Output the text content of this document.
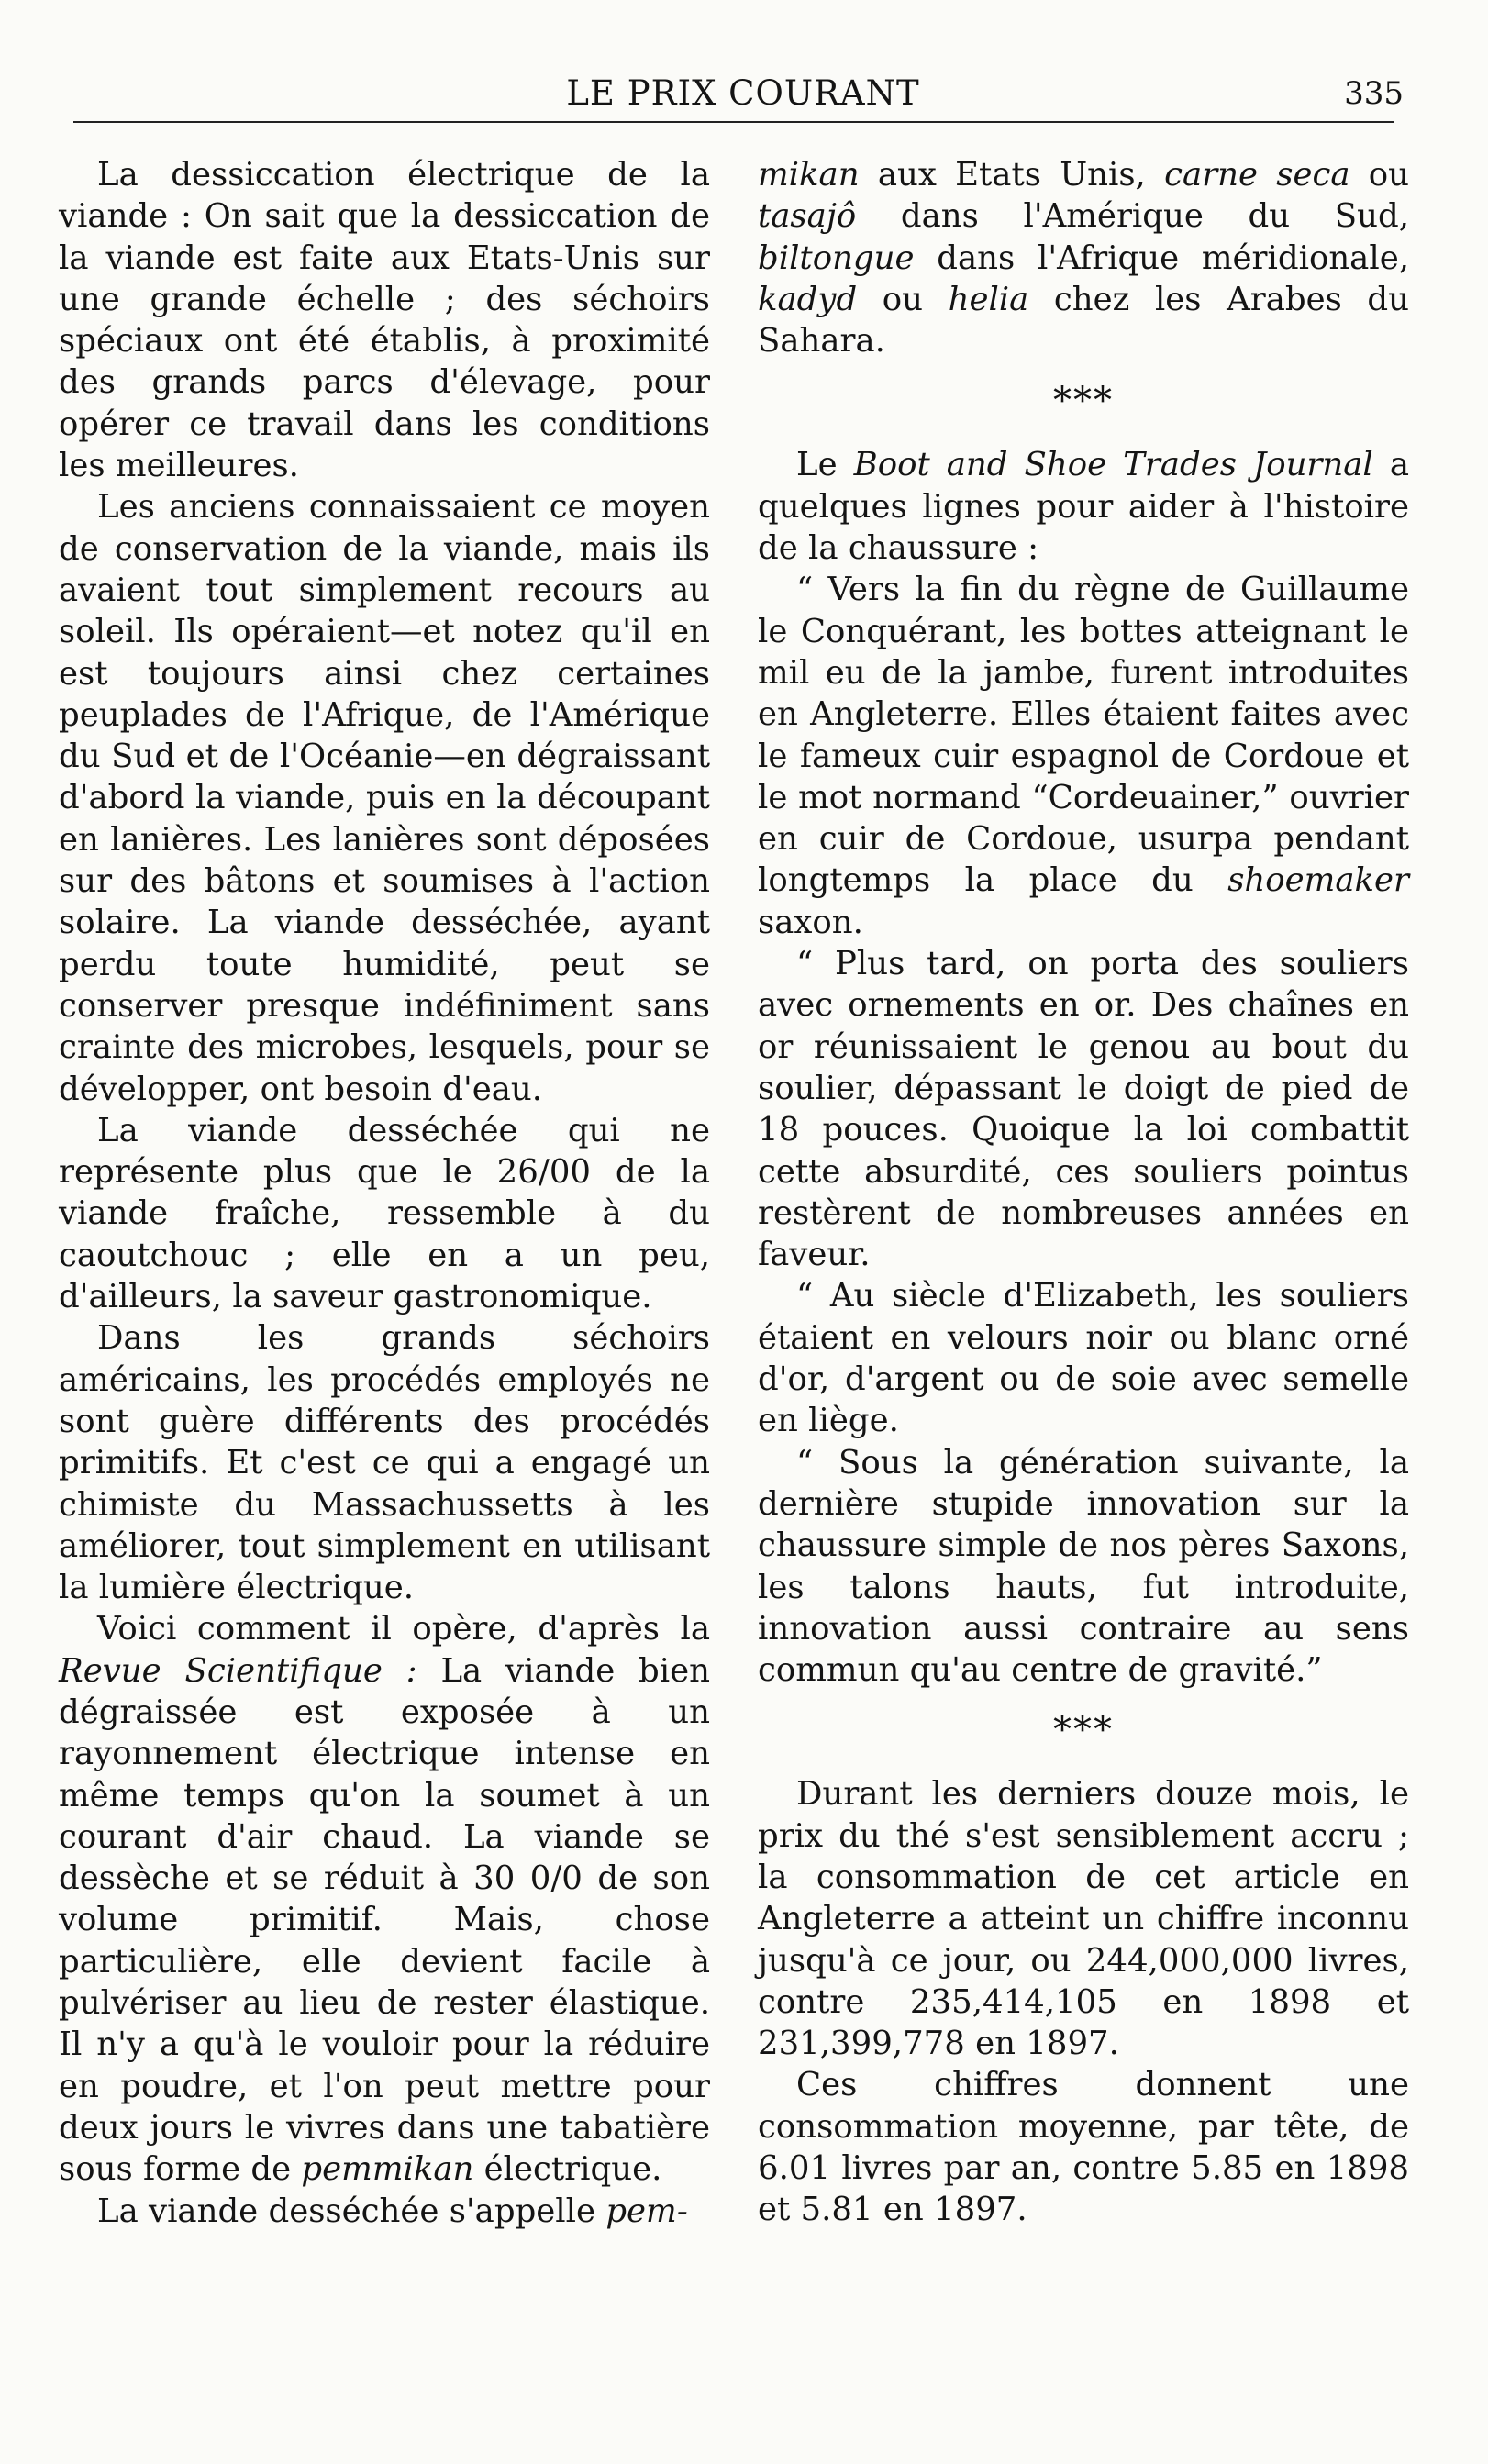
LE PRIX COURANT	335

La dessiccation électrique de la viande : On sait que la dessiccation de la viande est faite aux Etats-Unis sur une grande échelle ; des séchoirs spéciaux ont été établis, à proximité des grands parcs d'élevage, pour opérer ce travail dans les conditions les meilleures.

Les anciens connaissaient ce moyen de conservation de la viande, mais ils avaient tout simplement recours au soleil. Ils opéraient—et notez qu'il en est toujours ainsi chez certaines peuplades de l'Afrique, de l'Amérique du Sud et de l'Océanie—en dégraissant d'abord la viande, puis en la découpant en lanières. Les lanières sont déposées sur des bâtons et soumises à l'action solaire. La viande desséchée, ayant perdu toute humidité, peut se conserver presque indéfiniment sans crainte des microbes, lesquels, pour se développer, ont besoin d'eau.

La viande desséchée qui ne représente plus que le 26/00 de la viande fraîche, ressemble à du caoutchouc ; elle en a un peu, d'ailleurs, la saveur gastronomique.

Dans les grands séchoirs américains, les procédés employés ne sont guère différents des procédés primitifs. Et c'est ce qui a engagé un chimiste du Massachussetts à les améliorer, tout simplement en utilisant la lumière électrique.

Voici comment il opère, d'après la Revue Scientifique : La viande bien dégraissée est exposée à un rayonnement électrique intense en même temps qu'on la soumet à un courant d'air chaud. La viande se dessèche et se réduit à 30 0/0 de son volume primitif. Mais, chose particulière, elle devient facile à pulvériser au lieu de rester élastique. Il n'y a qu'à le vouloir pour la réduire en poudre, et l'on peut mettre pour deux jours le vivres dans une tabatière sous forme de pemmikan électrique.

La viande desséchée s'appelle pem-

mikan aux Etats Unis, carne seca ou tasajô dans l'Amérique du Sud, biltongue dans l'Afrique méridionale, kadyd ou helia chez les Arabes du Sahara.

***

Le Boot and Shoe Trades Journal a quelques lignes pour aider à l'histoire de la chaussure :

“ Vers la fin du règne de Guillaume le Conquérant, les bottes atteignant le mil eu de la jambe, furent introduites en Angleterre. Elles étaient faites avec le fameux cuir espagnol de Cordoue et le mot normand “Cordeuainer,” ouvrier en cuir de Cordoue, usurpa pendant longtemps la place du shoemaker saxon.

“ Plus tard, on porta des souliers avec ornements en or. Des chaînes en or réunissaient le genou au bout du soulier, dépassant le doigt de pied de 18 pouces. Quoique la loi combattit cette absurdité, ces souliers pointus restèrent de nombreuses années en faveur.

“ Au siècle d'Elizabeth, les souliers étaient en velours noir ou blanc orné d'or, d'argent ou de soie avec semelle en liège.

“ Sous la génération suivante, la dernière stupide innovation sur la chaussure simple de nos pères Saxons, les talons hauts, fut introduite, innovation aussi contraire au sens commun qu'au centre de gravité.”

***

Durant les derniers douze mois, le prix du thé s'est sensiblement accru ; la consommation de cet article en Angleterre a atteint un chiffre inconnu jusqu'à ce jour, ou 244,000,000 livres, contre 235,414,105 en 1898 et 231,399,778 en 1897.

Ces chiffres donnent une consommation moyenne, par tête, de 6.01 livres par an, contre 5.85 en 1898 et 5.81 en 1897.
